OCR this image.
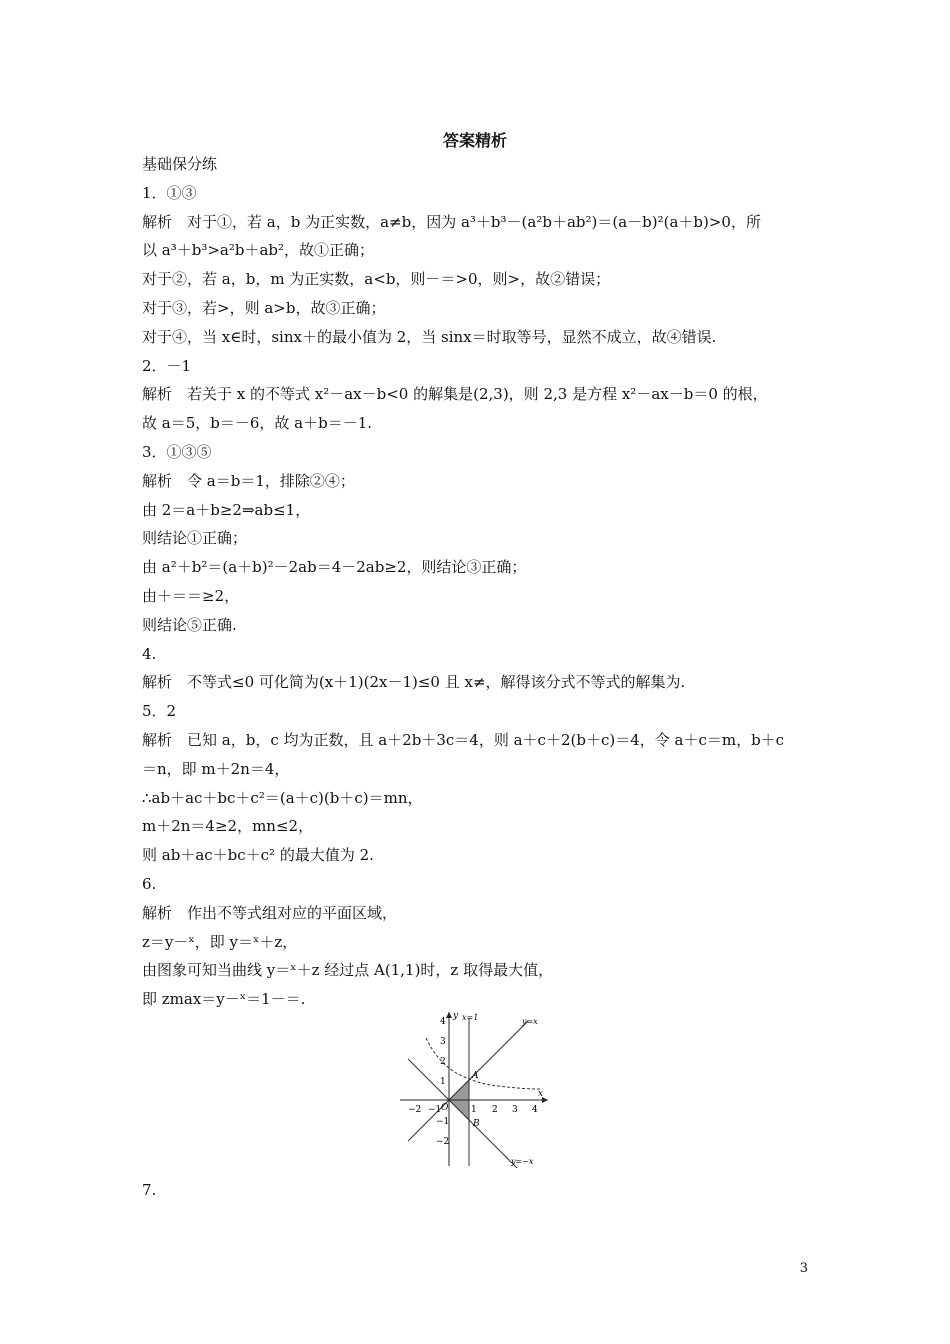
答案精析
基础保分练
1．①③
解析　对于①，若 a，b 为正实数，a≠b，因为 a³＋b³－(a²b＋ab²)＝(a－b)²(a＋b)>0，所
以 a³＋b³>a²b＋ab²，故①正确；
对于②，若 a，b，m 为正实数，a<b，则－＝>0，则>，故②错误；
对于③，若>，则 a>b，故③正确；
对于④，当 x∈时，sinx＋的最小值为 2，当 sinx＝时取等号，显然不成立，故④错误.
2．－1
解析　若关于 x 的不等式 x²－ax－b<0 的解集是(2,3)，则 2,3 是方程 x²－ax－b＝0 的根，
故 a＝5，b＝－6，故 a＋b＝－1.
3．①③⑤
解析　令 a＝b＝1，排除②④；
由 2＝a＋b≥2⇒ab≤1，
则结论①正确；
由 a²＋b²＝(a＋b)²－2ab＝4－2ab≥2，则结论③正确；
由＋＝＝≥2，
则结论⑤正确.
4.
解析　不等式≤0 可化简为(x＋1)(2x－1)≤0 且 x≠，解得该分式不等式的解集为.
5．2
解析　已知 a，b，c 均为正数，且 a＋2b＋3c＝4，则 a＋c＋2(b＋c)＝4，令 a＋c＝m，b＋c
＝n，即 m＋2n＝4，
∴ab＋ac＋bc＋c²＝(a＋c)(b＋c)＝mn，
m＋2n＝4≥2，mn≤2，
则 ab＋ac＋bc＋c² 的最大值为 2.
6.
解析　作出不等式组对应的平面区域，
z＝y－ˣ，即 y＝ˣ＋z，
由图象可知当曲线 y＝ˣ＋z 经过点 A(1,1)时，z 取得最大值，
即 zmax＝y－ˣ＝1－＝.
−2 −1	1 2 3 4
4
3
2
1
−1
−2
y
x
x=1	y=x
y=−x
A
B
O
7.
3
